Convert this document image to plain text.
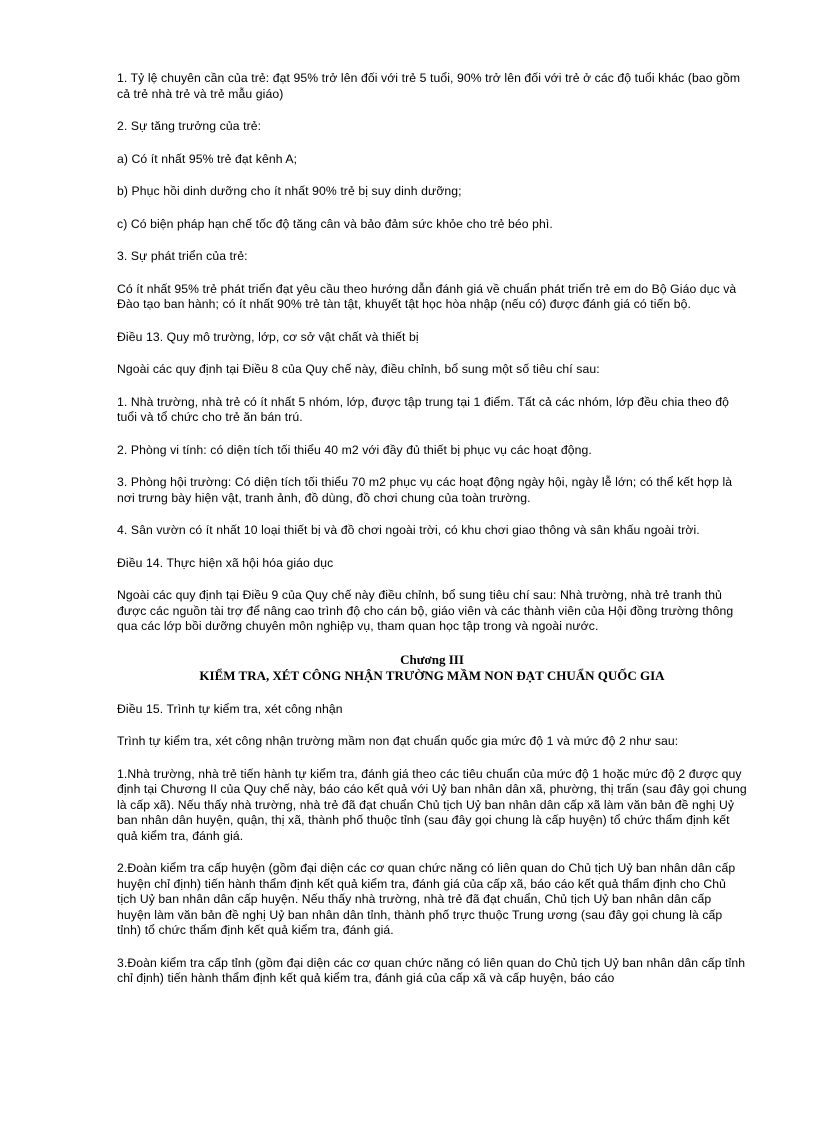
1. Tỷ lệ chuyên cần của trẻ: đạt 95% trở lên đối với trẻ 5 tuổi, 90% trở lên đối với trẻ ở các độ tuổi khác (bao gồm cả trẻ nhà trẻ và trẻ mẫu giáo)

2. Sự tăng trưởng của trẻ:

a) Có ít nhất 95% trẻ đạt kênh A;

b) Phục hồi dinh dưỡng cho ít nhất 90% trẻ bị suy dinh dưỡng;

c) Có biện pháp hạn chế tốc độ tăng cân và bảo đảm sức khỏe cho trẻ béo phì.

3. Sự phát triển của trẻ:

Có ít nhất 95% trẻ phát triển đạt yêu cầu theo hướng dẫn đánh giá về chuẩn phát triển trẻ em do Bộ Giáo dục và Đào tạo ban hành; có ít nhất 90% trẻ tàn tật, khuyết tật học hòa nhập (nếu có) được đánh giá có tiến bộ.

Điều 13. Quy mô trường, lớp, cơ sở vật chất và thiết bị

Ngoài các quy định tại Điều 8 của Quy chế này, điều chỉnh, bổ sung một số tiêu chí sau:

1. Nhà trường, nhà trẻ có ít nhất 5 nhóm, lớp, được tập trung tại 1 điểm. Tất cả các nhóm, lớp đều chia theo độ tuổi và tổ chức cho trẻ ăn bán trú.

2. Phòng vi tính: có diện tích tối thiểu 40 m2 với đầy đủ thiết bị phục vụ các hoạt động.

3. Phòng hội trường: Có diện tích tối thiểu 70 m2 phục vụ các hoạt động ngày hội, ngày lễ lớn; có thể kết hợp là nơi trưng bày hiện vật, tranh ảnh, đồ dùng, đồ chơi chung của toàn trường.

4. Sân vườn có ít nhất 10 loại thiết bị và đồ chơi ngoài trời, có khu chơi giao thông và sân khấu ngoài trời.

Điều 14. Thực hiện xã hội hóa giáo dục

Ngoài các quy định tại Điều 9 của Quy chế này điều chỉnh, bổ sung tiêu chí sau: Nhà trường, nhà trẻ tranh thủ được các nguồn tài trợ để nâng cao trình độ cho cán bộ, giáo viên và các thành viên của Hội đồng trường thông qua các lớp bồi dưỡng chuyên môn nghiệp vụ, tham quan học tập trong và ngoài nước.

Chương III
KIỂM TRA, XÉT CÔNG NHẬN TRƯỜNG MẦM NON ĐẠT CHUẨN QUỐC GIA

Điều 15. Trình tự kiểm tra, xét công nhận

Trình tự kiểm tra, xét công nhận trường mầm non đạt chuẩn quốc gia mức độ 1 và mức độ 2 như sau:

1.Nhà trường, nhà trẻ tiến hành tự kiểm tra, đánh giá theo các tiêu chuẩn của mức độ 1 hoặc mức độ 2 được quy định tại Chương II của Quy chế này, báo cáo kết quả với Uỷ ban nhân dân xã, phường, thị trấn (sau đây gọi chung là cấp xã). Nếu thấy nhà trường, nhà trẻ đã đạt chuẩn Chủ tịch Uỷ ban nhân dân cấp xã làm văn bản đề nghị Uỷ ban nhân dân huyện, quận, thị xã, thành phố thuộc tỉnh (sau đây gọi chung là cấp huyện) tổ chức thẩm định kết quả kiểm tra, đánh giá.

2.Đoàn kiểm tra cấp huyện (gồm đại diện các cơ quan chức năng có liên quan do Chủ tịch Uỷ ban nhân dân cấp huyện chỉ định) tiến hành thẩm định kết quả kiểm tra, đánh giá của cấp xã, báo cáo kết quả thẩm định cho Chủ tịch Uỷ ban nhân dân cấp huyện. Nếu thấy nhà trường, nhà trẻ đã đạt chuẩn, Chủ tịch Uỷ ban nhân dân cấp huyện làm văn bản đề nghị Uỷ ban nhân dân tỉnh, thành phố trực thuộc Trung ương (sau đây gọi chung là cấp tỉnh) tổ chức thẩm định kết quả kiểm tra, đánh giá.

3.Đoàn kiểm tra cấp tỉnh (gồm đại diện các cơ quan chức năng có liên quan do Chủ tịch Uỷ ban nhân dân cấp tỉnh chỉ định) tiến hành thẩm định kết quả kiểm tra, đánh giá của cấp xã và cấp huyện, báo cáo
